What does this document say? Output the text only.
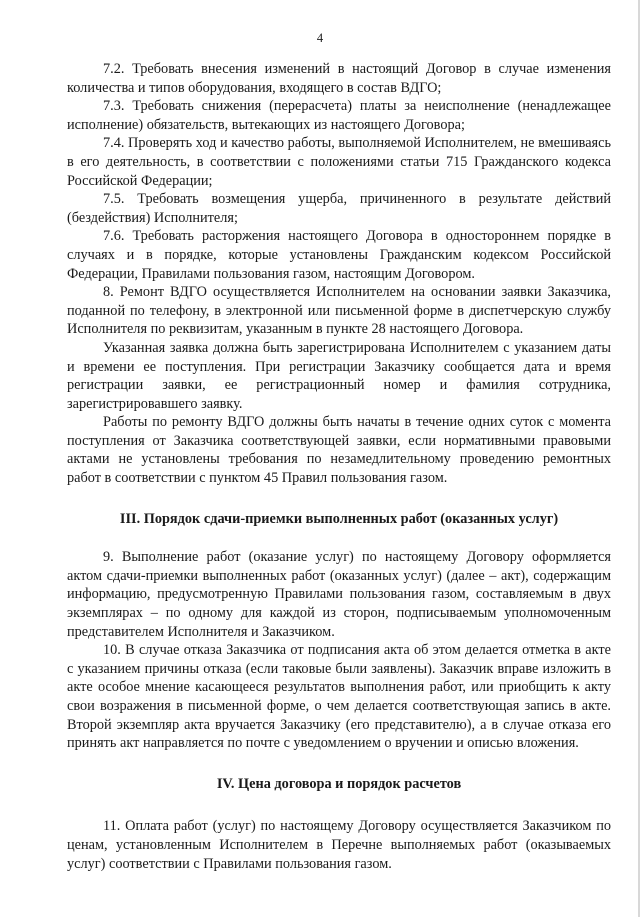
4

7.2. Требовать внесения изменений в настоящий Договор в случае изменения количества и типов оборудования, входящего в состав ВДГО;

7.3. Требовать снижения (перерасчета) платы за неисполнение (ненадлежащее исполнение) обязательств, вытекающих из настоящего Договора;

7.4. Проверять ход и качество работы, выполняемой Исполнителем, не вмешиваясь в его деятельность, в соответствии с положениями статьи 715 Гражданского кодекса Российской Федерации;

7.5. Требовать возмещения ущерба, причиненного в результате действий (бездействия) Исполнителя;

7.6. Требовать расторжения настоящего Договора в одностороннем порядке в случаях и в порядке, которые установлены Гражданским кодексом Российской Федерации, Правилами пользования газом, настоящим Договором.

8. Ремонт ВДГО осуществляется Исполнителем на основании заявки Заказчика, поданной по телефону, в электронной или письменной форме в диспетчерскую службу Исполнителя по реквизитам, указанным в пункте 28 настоящего Договора.

Указанная заявка должна быть зарегистрирована Исполнителем с указанием даты и времени ее поступления. При регистрации Заказчику сообщается дата и время регистрации заявки, ее регистрационный номер и фамилия сотрудника, зарегистрировавшего заявку.

Работы по ремонту ВДГО должны быть начаты в течение одних суток с момента поступления от Заказчика соответствующей заявки, если нормативными правовыми актами не установлены требования по незамедлительному проведению ремонтных работ в соответствии с пунктом 45 Правил пользования газом.

III. Порядок сдачи-приемки выполненных работ (оказанных услуг)

9. Выполнение работ (оказание услуг) по настоящему Договору оформляется актом сдачи-приемки выполненных работ (оказанных услуг) (далее – акт), содержащим информацию, предусмотренную Правилами пользования газом, составляемым в двух экземплярах – по одному для каждой из сторон, подписываемым уполномоченным представителем Исполнителя и Заказчиком.

10. В случае отказа Заказчика от подписания акта об этом делается отметка в акте с указанием причины отказа (если таковые были заявлены). Заказчик вправе изложить в акте особое мнение касающееся результатов выполнения работ, или приобщить к акту свои возражения в письменной форме, о чем делается соответствующая запись в акте. Второй экземпляр акта вручается Заказчику (его представителю), а в случае отказа его принять акт направляется по почте с уведомлением о вручении и описью вложения.

IV. Цена договора и порядок расчетов

11. Оплата работ (услуг) по настоящему Договору осуществляется Заказчиком по ценам, установленным Исполнителем в Перечне выполняемых работ (оказываемых услуг) соответствии с Правилами пользования газом.
